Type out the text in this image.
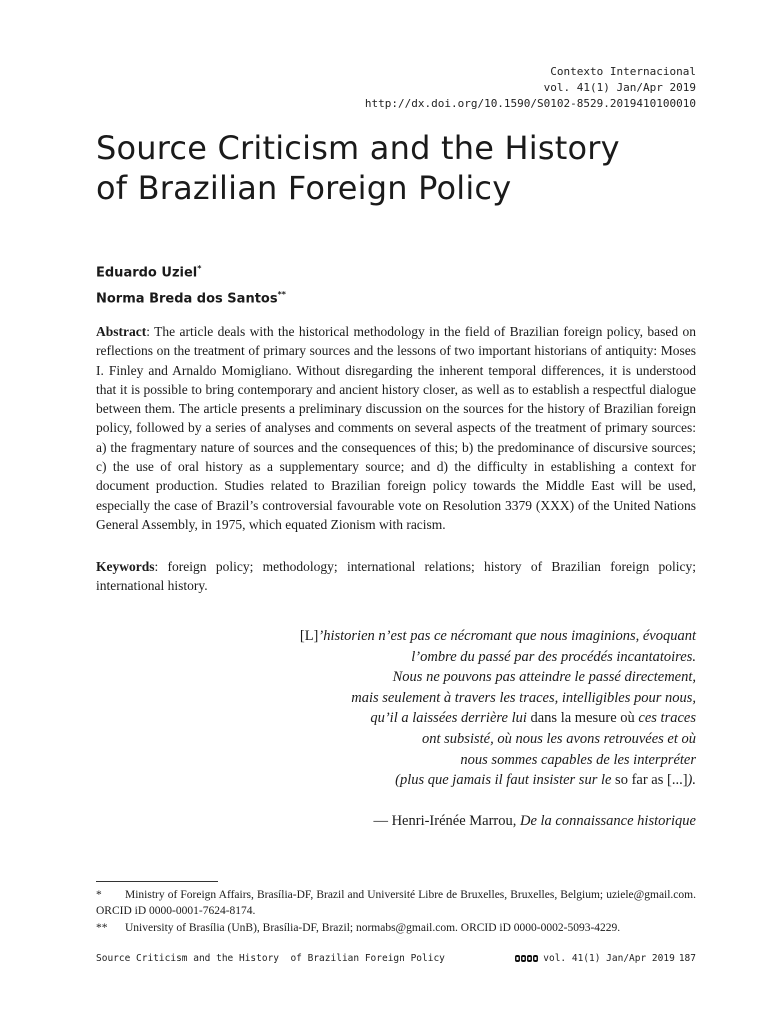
Contexto Internacional
vol. 41(1) Jan/Apr 2019
http://dx.doi.org/10.1590/S0102-8529.2019410100010
Source Criticism and the History
of Brazilian Foreign Policy
Eduardo Uziel*
Norma Breda dos Santos**

Abstract: The article deals with the historical methodology in the field of Brazilian foreign policy, based on reflections on the treatment of primary sources and the lessons of two important historians of antiquity: Moses I. Finley and Arnaldo Momigliano. Without disregarding the inherent temporal differences, it is understood that it is possible to bring contemporary and ancient history closer, as well as to establish a respectful dialogue between them. The article presents a preliminary discussion on the sources for the history of Brazilian foreign policy, followed by a series of analyses and comments on several aspects of the treatment of primary sources: a) the fragmentary nature of sources and the consequences of this; b) the predominance of discursive sources; c) the use of oral history as a supplementary source; and d) the difficulty in establishing a context for document production. Studies related to Brazilian foreign policy towards the Middle East will be used, especially the case of Brazil’s controversial favourable vote on Resolution 3379 (XXX) of the United Nations General Assembly, in 1975, which equated Zionism with racism.

Keywords: foreign policy; methodology; international relations; history of Brazilian foreign policy; international history.

[L]’historien n’est pas ce nécromant que nous imaginions, évoquant
l’ombre du passé par des procédés incantatoires.
Nous ne pouvons pas atteindre le passé directement,
mais seulement à travers les traces, intelligibles pour nous,
qu’il a laissées derrière lui dans la mesure où ces traces
ont subsisté, où nous les avons retrouvées et où
nous sommes capables de les interpréter
(plus que jamais il faut insister sur le so far as [...]).
— Henri-Irénée Marrou, De la connaissance historique
* Ministry of Foreign Affairs, Brasília-DF, Brazil and Université Libre de Bruxelles, Bruxelles, Belgium; uziele@gmail.com. ORCID iD 0000-0001-7624-8174.
** University of Brasília (UnB), Brasília-DF, Brazil; normabs@gmail.com. ORCID iD 0000-0002-5093-4229.
Source Criticism and the History  of Brazilian Foreign Policy	vol. 41(1) Jan/Apr 2019 187
